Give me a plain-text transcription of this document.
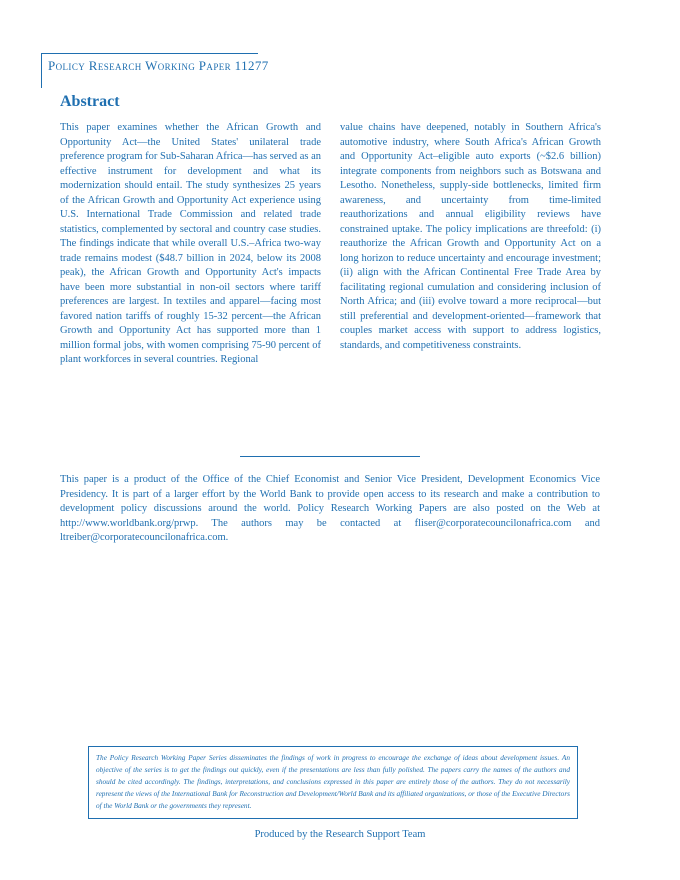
Policy Research Working Paper 11277
Abstract

This paper examines whether the African Growth and Opportunity Act—the United States' unilateral trade preference program for Sub-Saharan Africa—has served as an effective instrument for development and what its modernization should entail. The study synthesizes 25 years of the African Growth and Opportunity Act experience using U.S. International Trade Commission and related trade statistics, complemented by sectoral and country case studies. The findings indicate that while overall U.S.–Africa two-way trade remains modest ($48.7 billion in 2024, below its 2008 peak), the African Growth and Opportunity Act's impacts have been more substantial in non-oil sectors where tariff preferences are largest. In textiles and apparel—facing most favored nation tariffs of roughly 15-32 percent—the African Growth and Opportunity Act has supported more than 1 million formal jobs, with women comprising 75-90 percent of plant workforces in several countries. Regional

value chains have deepened, notably in Southern Africa's automotive industry, where South Africa's African Growth and Opportunity Act–eligible auto exports (~$2.6 billion) integrate components from neighbors such as Botswana and Lesotho. Nonetheless, supply-side bottlenecks, limited firm awareness, and uncertainty from time-limited reauthorizations and annual eligibility reviews have constrained uptake. The policy implications are threefold: (i) reauthorize the African Growth and Opportunity Act on a long horizon to reduce uncertainty and encourage investment; (ii) align with the African Continental Free Trade Area by facilitating regional cumulation and considering inclusion of North Africa; and (iii) evolve toward a more reciprocal—but still preferential and development-oriented—framework that couples market access with support to address logistics, standards, and competitiveness constraints.

This paper is a product of the Office of the Chief Economist and Senior Vice President, Development Economics Vice Presidency. It is part of a larger effort by the World Bank to provide open access to its research and make a contribution to development policy discussions around the world. Policy Research Working Papers are also posted on the Web at http://www.worldbank.org/prwp. The authors may be contacted at fliser@corporatecouncilonafrica.com and ltreiber@corporatecouncilonafrica.com.

The Policy Research Working Paper Series disseminates the findings of work in progress to encourage the exchange of ideas about development issues. An objective of the series is to get the findings out quickly, even if the presentations are less than fully polished. The papers carry the names of the authors and should be cited accordingly. The findings, interpretations, and conclusions expressed in this paper are entirely those of the authors. They do not necessarily represent the views of the International Bank for Reconstruction and Development/World Bank and its affiliated organizations, or those of the Executive Directors of the World Bank or the governments they represent.

Produced by the Research Support Team
